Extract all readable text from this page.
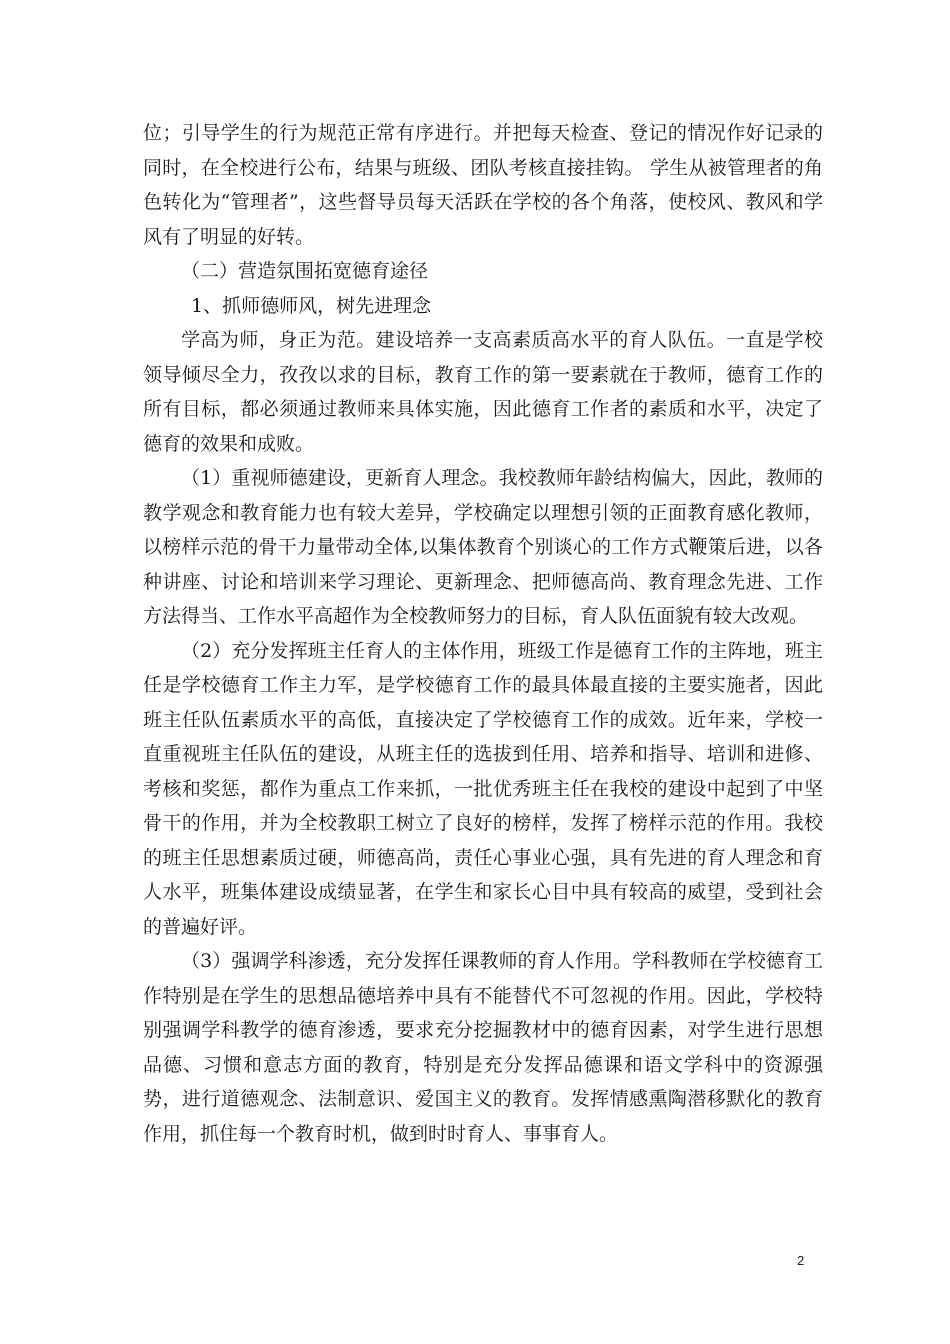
位；引导学生的行为规范正常有序进行。并把每天检查、登记的情况作好记录的同时，在全校进行公布，结果与班级、团队考核直接挂钩。 学生从被管理者的角色转化为“管理者”，这些督导员每天活跃在学校的各个角落，使校风、教风和学风有了明显的好转。

（二）营造氛围拓宽德育途径

1、抓师德师风，树先进理念

学高为师，身正为范。建设培养一支高素质高水平的育人队伍。一直是学校领导倾尽全力，孜孜以求的目标，教育工作的第一要素就在于教师，德育工作的所有目标，都必须通过教师来具体实施，因此德育工作者的素质和水平，决定了德育的效果和成败。

（1）重视师德建设，更新育人理念。我校教师年龄结构偏大，因此，教师的教学观念和教育能力也有较大差异，学校确定以理想引领的正面教育感化教师，以榜样示范的骨干力量带动全体,以集体教育个别谈心的工作方式鞭策后进，以各种讲座、讨论和培训来学习理论、更新理念、把师德高尚、教育理念先进、工作方法得当、工作水平高超作为全校教师努力的目标，育人队伍面貌有较大改观。

（2）充分发挥班主任育人的主体作用，班级工作是德育工作的主阵地，班主任是学校德育工作主力军，是学校德育工作的最具体最直接的主要实施者，因此班主任队伍素质水平的高低，直接决定了学校德育工作的成效。近年来，学校一直重视班主任队伍的建设，从班主任的选拔到任用、培养和指导、培训和进修、考核和奖惩，都作为重点工作来抓，一批优秀班主任在我校的建设中起到了中坚骨干的作用，并为全校教职工树立了良好的榜样，发挥了榜样示范的作用。我校的班主任思想素质过硬，师德高尚，责任心事业心强，具有先进的育人理念和育人水平，班集体建设成绩显著，在学生和家长心目中具有较高的威望，受到社会的普遍好评。

（3）强调学科渗透，充分发挥任课教师的育人作用。学科教师在学校德育工作特别是在学生的思想品德培养中具有不能替代不可忽视的作用。因此，学校特别强调学科教学的德育渗透，要求充分挖掘教材中的德育因素，对学生进行思想品德、习惯和意志方面的教育，特别是充分发挥品德课和语文学科中的资源强势，进行道德观念、法制意识、爱国主义的教育。发挥情感熏陶潜移默化的教育作用，抓住每一个教育时机，做到时时育人、事事育人。

2
